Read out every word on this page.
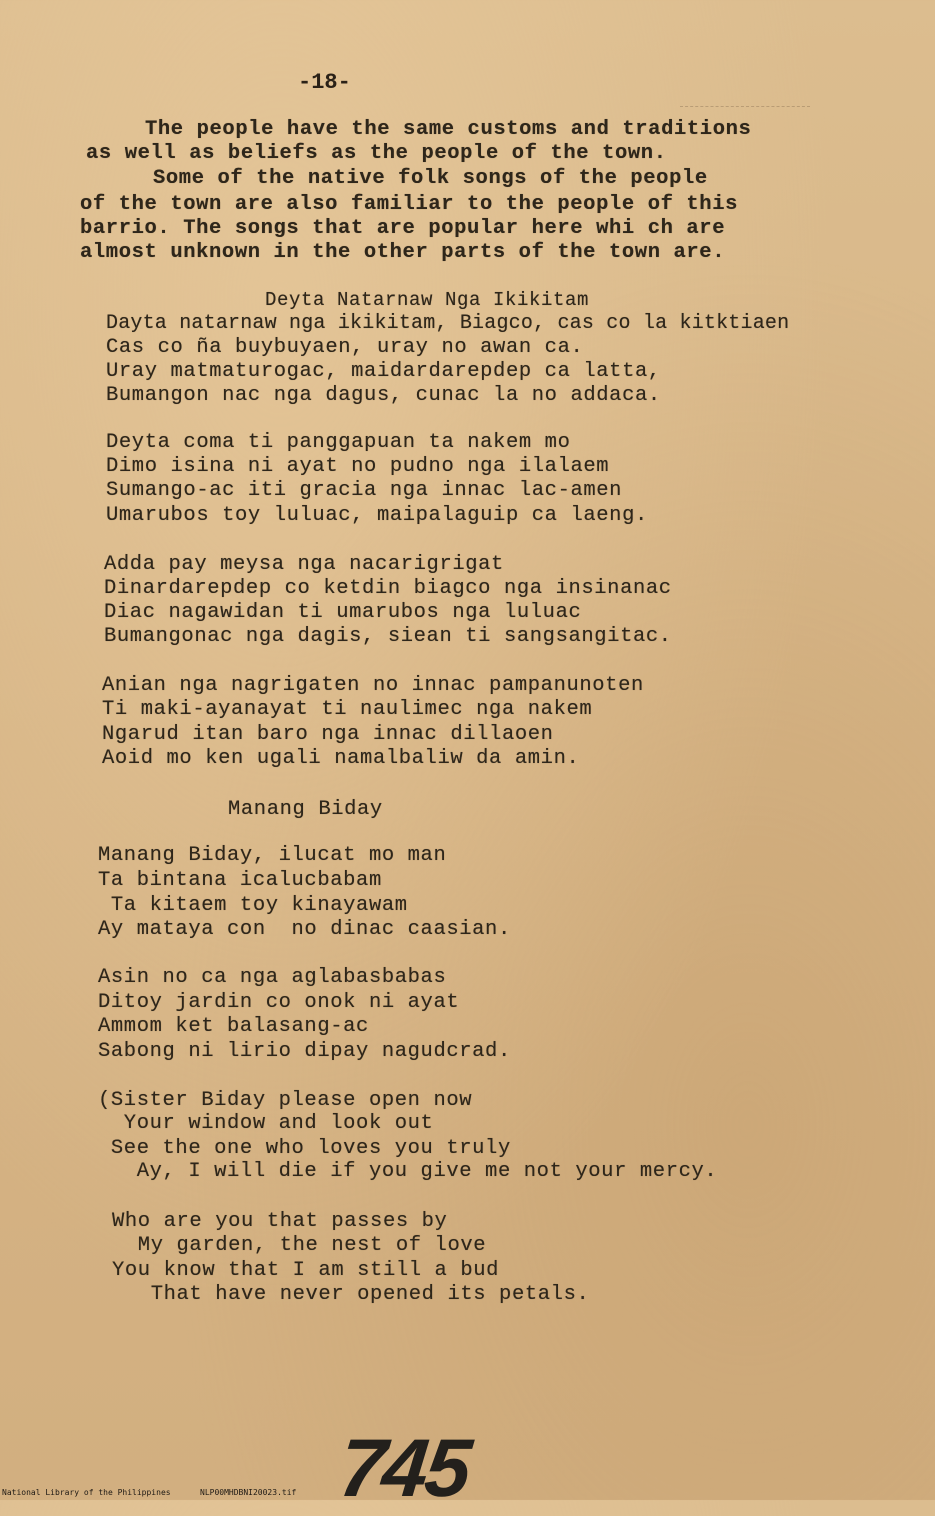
-18-
The people have the same customs and traditions
as well as beliefs as the people of the town.
Some of the native folk songs of the people
of the town are also familiar to the people of this
barrio. The songs that are popular here whi ch are
almost unknown in the other parts of the town are.
Deyta Natarnaw Nga Ikikitam
Dayta natarnaw nga ikikitam, Biagco, cas co la kitktiaen
Cas co ña buybuyaen, uray no awan ca.
Uray matmaturogac, maidardarepdep ca latta,
Bumangon nac nga dagus, cunac la no addaca.
Deyta coma ti panggapuan ta nakem mo
Dimo isina ni ayat no pudno nga ilalaem
Sumango-ac iti gracia nga innac lac-amen
Umarubos toy luluac, maipalaguip ca laeng.
Adda pay meysa nga nacarigrigat
Dinardarepdep co ketdin biagco nga insinanac
Diac nagawidan ti umarubos nga luluac
Bumangonac nga dagis, siean ti sangsangitac.
Anian nga nagrigaten no innac pampanunoten
Ti maki-ayanayat ti naulimec nga nakem
Ngarud itan baro nga innac dillaoen
Aoid mo ken ugali namalbaliw da amin.
Manang Biday
Manang Biday, ilucat mo man
Ta bintana icalucbabam
Ta kitaem toy kinayawam
Ay mataya con  no dinac caasian.
Asin no ca nga aglabasbabas
Ditoy jardin co onok ni ayat
Ammom ket balasang-ac
Sabong ni lirio dipay nagudcrad.
(Sister Biday please open now
Your window and look out
See the one who loves you truly
Ay, I will die if you give me not your mercy.
Who are you that passes by
My garden, the nest of love
You know that I am still a bud
That have never opened its petals.
745
National Library of the Philippines	NLP00MHDBNI20023.tif
